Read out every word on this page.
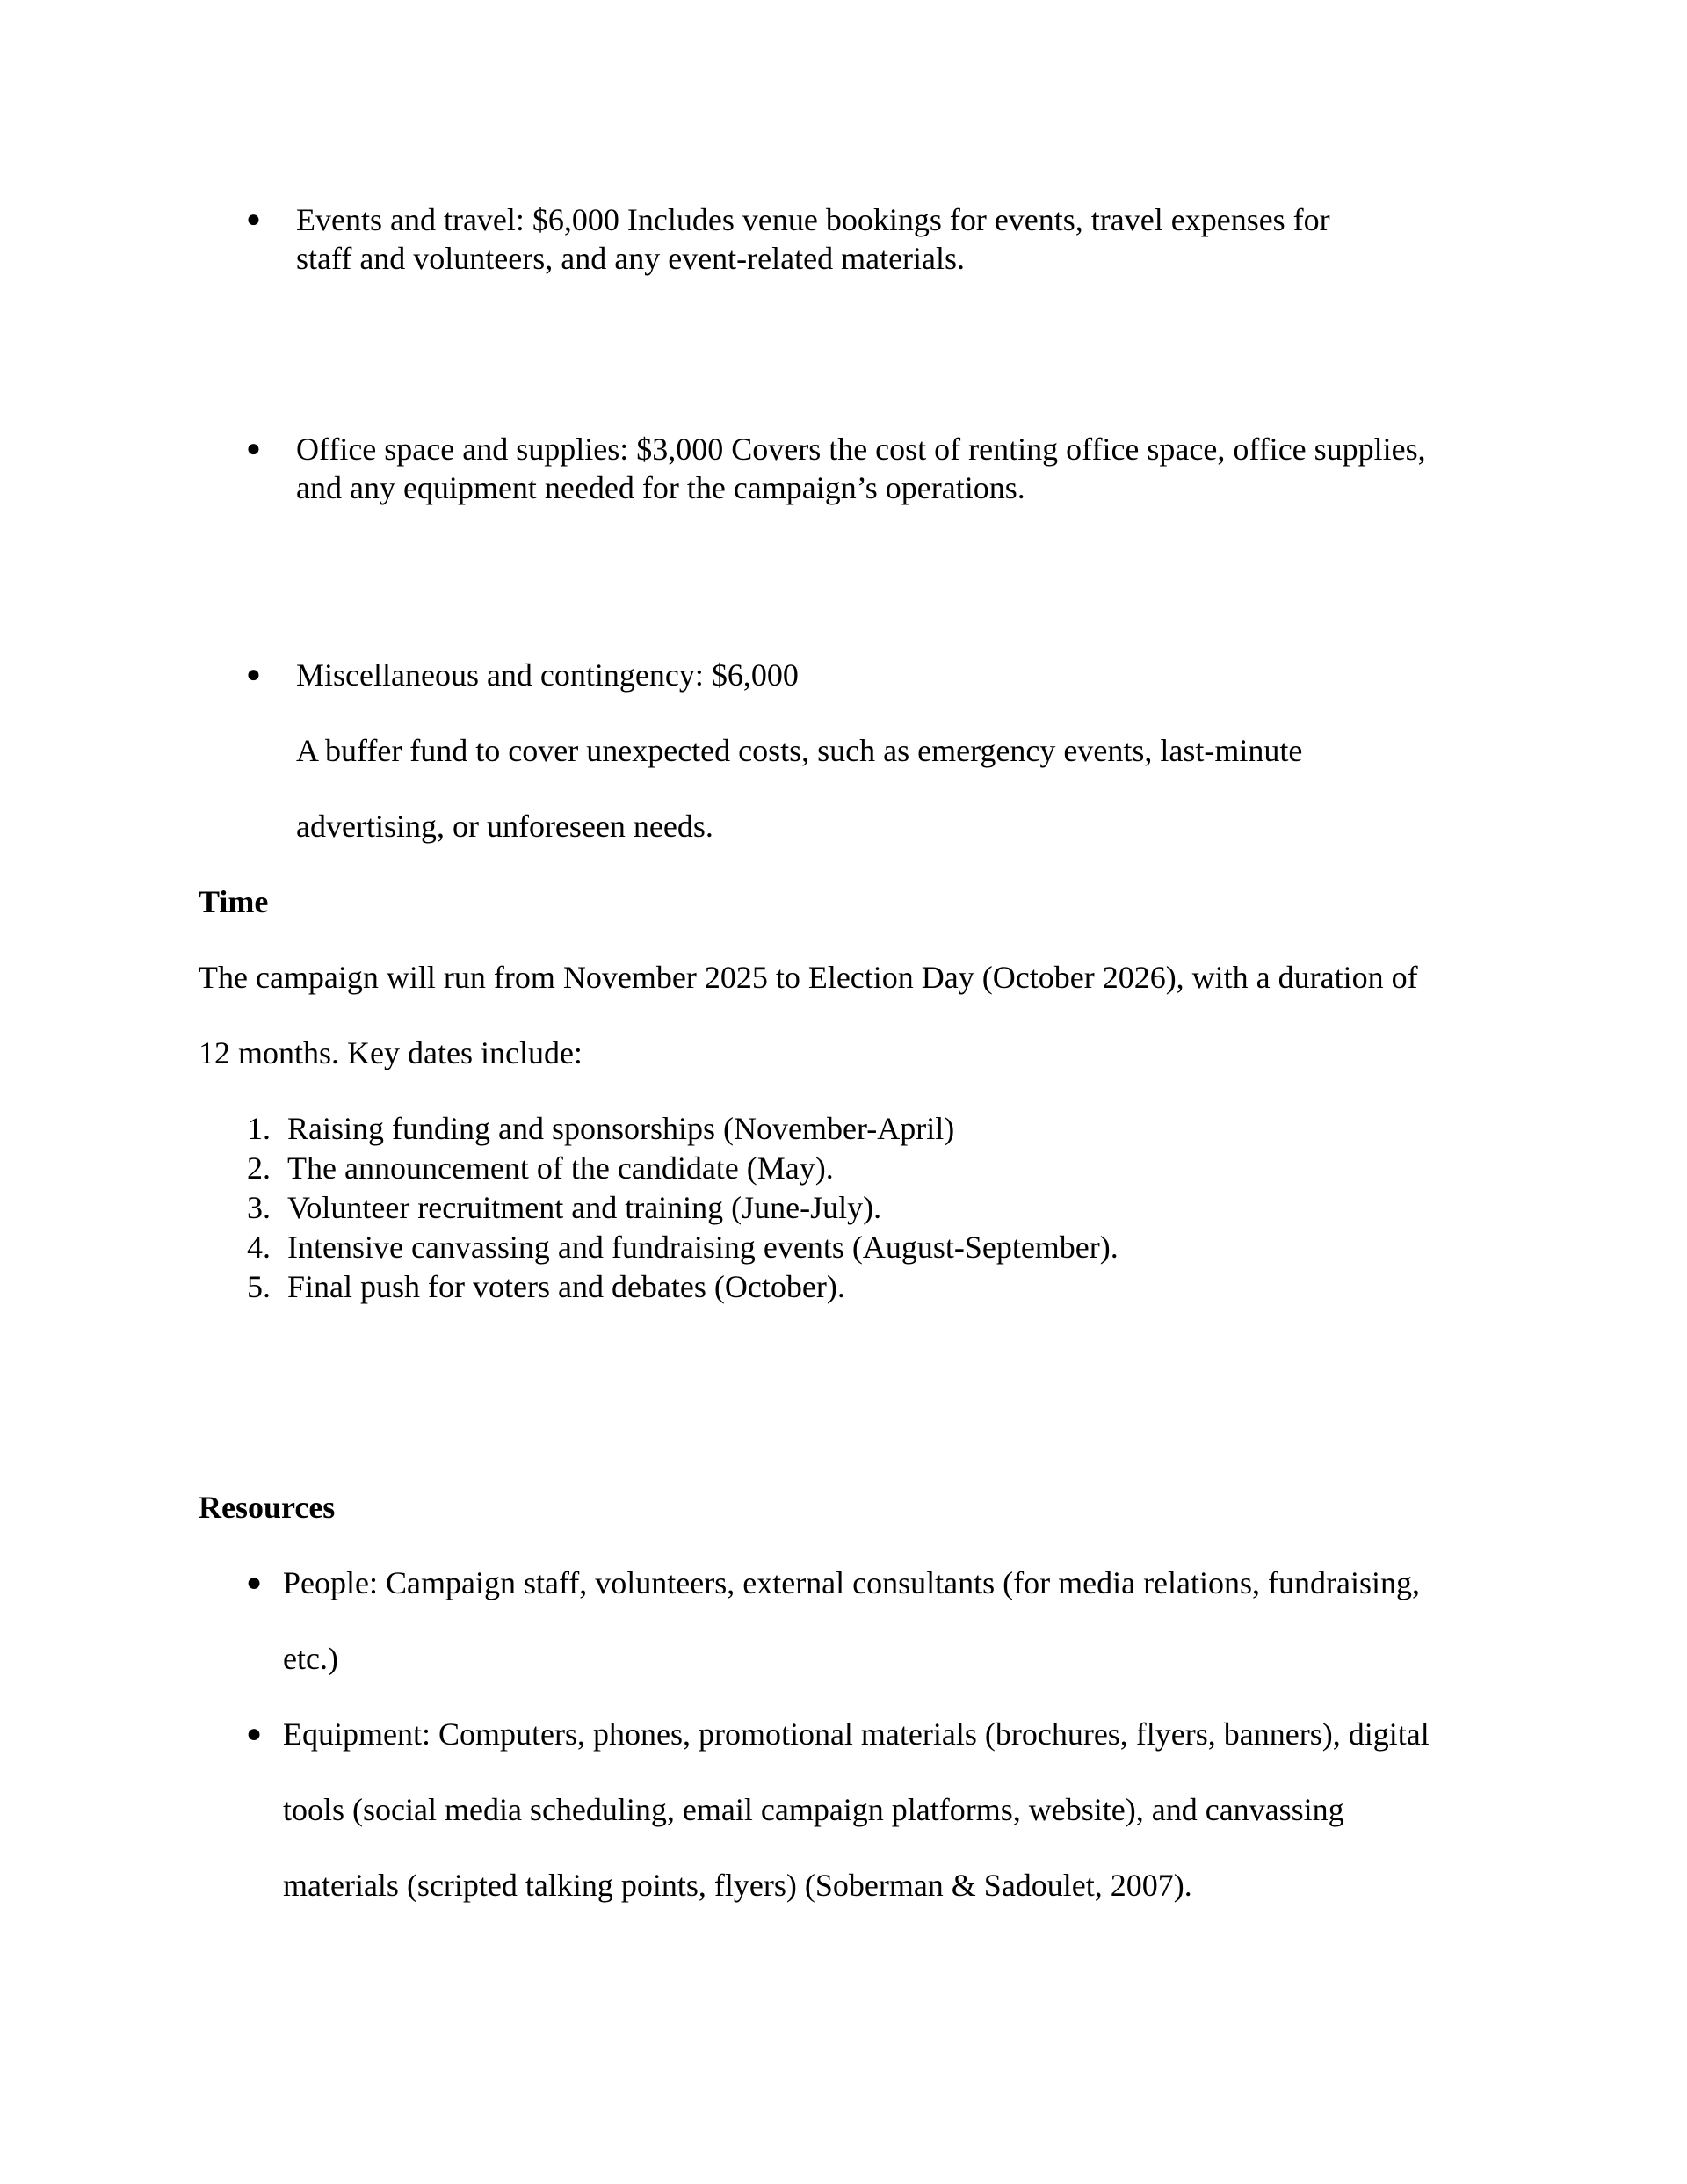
● Events and travel: $6,000 Includes venue bookings for events, travel expenses for
staff and volunteers, and any event-related materials.
● Office space and supplies: $3,000 Covers the cost of renting office space, office supplies,
and any equipment needed for the campaign’s operations.
● Miscellaneous and contingency: $6,000
A buffer fund to cover unexpected costs, such as emergency events, last-minute
advertising, or unforeseen needs.
Time
The campaign will run from November 2025 to Election Day (October 2026), with a duration of
12 months. Key dates include:
1. Raising funding and sponsorships (November-April)
2. The announcement of the candidate (May).
3. Volunteer recruitment and training (June-July).
4. Intensive canvassing and fundraising events (August-September).
5. Final push for voters and debates (October).
Resources
● People: Campaign staff, volunteers, external consultants (for media relations, fundraising,
etc.)
● Equipment: Computers, phones, promotional materials (brochures, flyers, banners), digital
tools (social media scheduling, email campaign platforms, website), and canvassing
materials (scripted talking points, flyers) (Soberman & Sadoulet, 2007).
